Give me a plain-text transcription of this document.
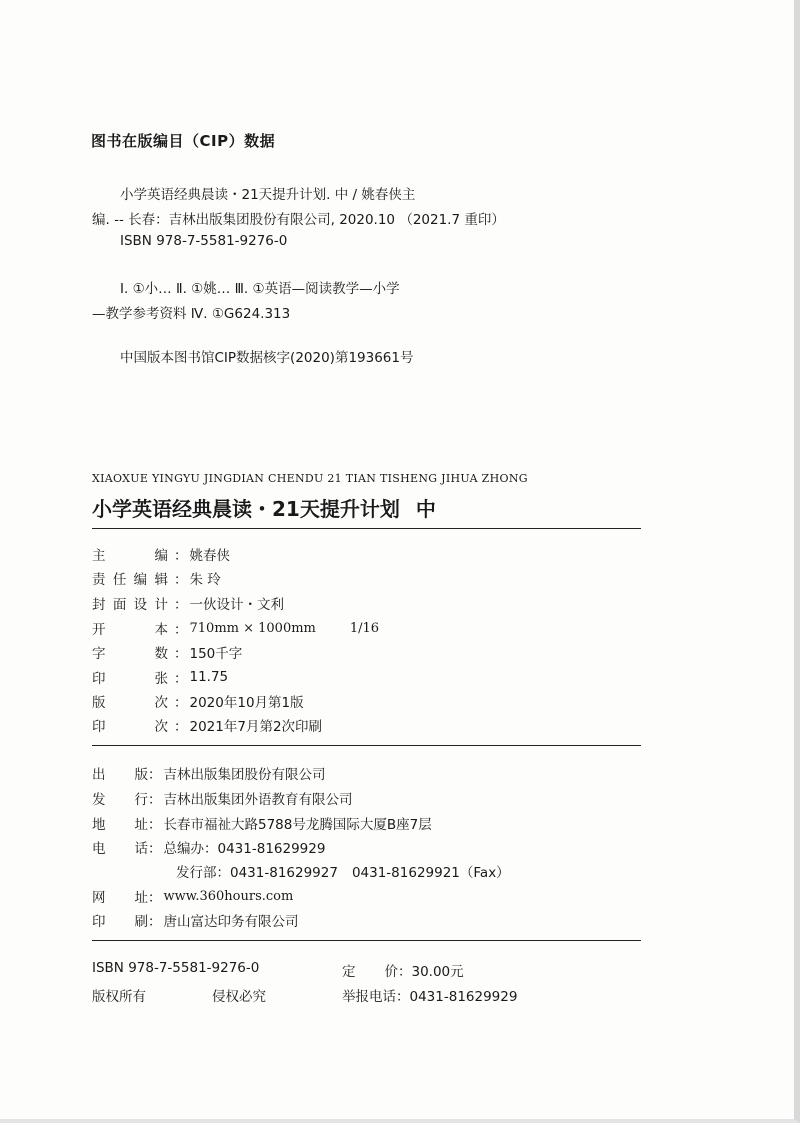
图书在版编目（CIP）数据
小学英语经典晨读・21天提升计划. 中 / 姚春侠主
编. -- 长春：吉林出版集团股份有限公司, 2020.10 （2021.7 重印）
ISBN 978-7-5581-9276-0
Ⅰ. ①小… Ⅱ. ①姚… Ⅲ. ①英语—阅读教学—小学
—教学参考资料 Ⅳ. ①G624.313
中国版本图书馆CIP数据核字(2020)第193661号
XIAOXUE YINGYU JINGDIAN CHENDU 21 TIAN TISHENG JIHUA ZHONG
小学英语经典晨读・21天提升计划 中
主 编 ： 姚春侠
责任编辑 ： 朱 玲
封面设计 ： 一伙设计・文利
开 本 ： 710mm × 1000mm	1/16
字 数 ： 150千字
印 张 ： 11.75
版 次 ： 2020年10月第1版
印 次 ： 2021年7月第2次印刷
出 版 ： 吉林出版集团股份有限公司
发 行 ： 吉林出版集团外语教育有限公司
地 址 ： 长春市福祉大路5788号龙腾国际大厦B座7层
电 话 ： 总编办：0431-81629929
发行部：0431-81629927 0431-81629921（Fax）
网 址 ： www.360hours.com
印 刷 ： 唐山富达印务有限公司
ISBN 978-7-5581-9276-0	定 价：30.00元
版权所有	侵权必究	举报电话：0431-81629929
